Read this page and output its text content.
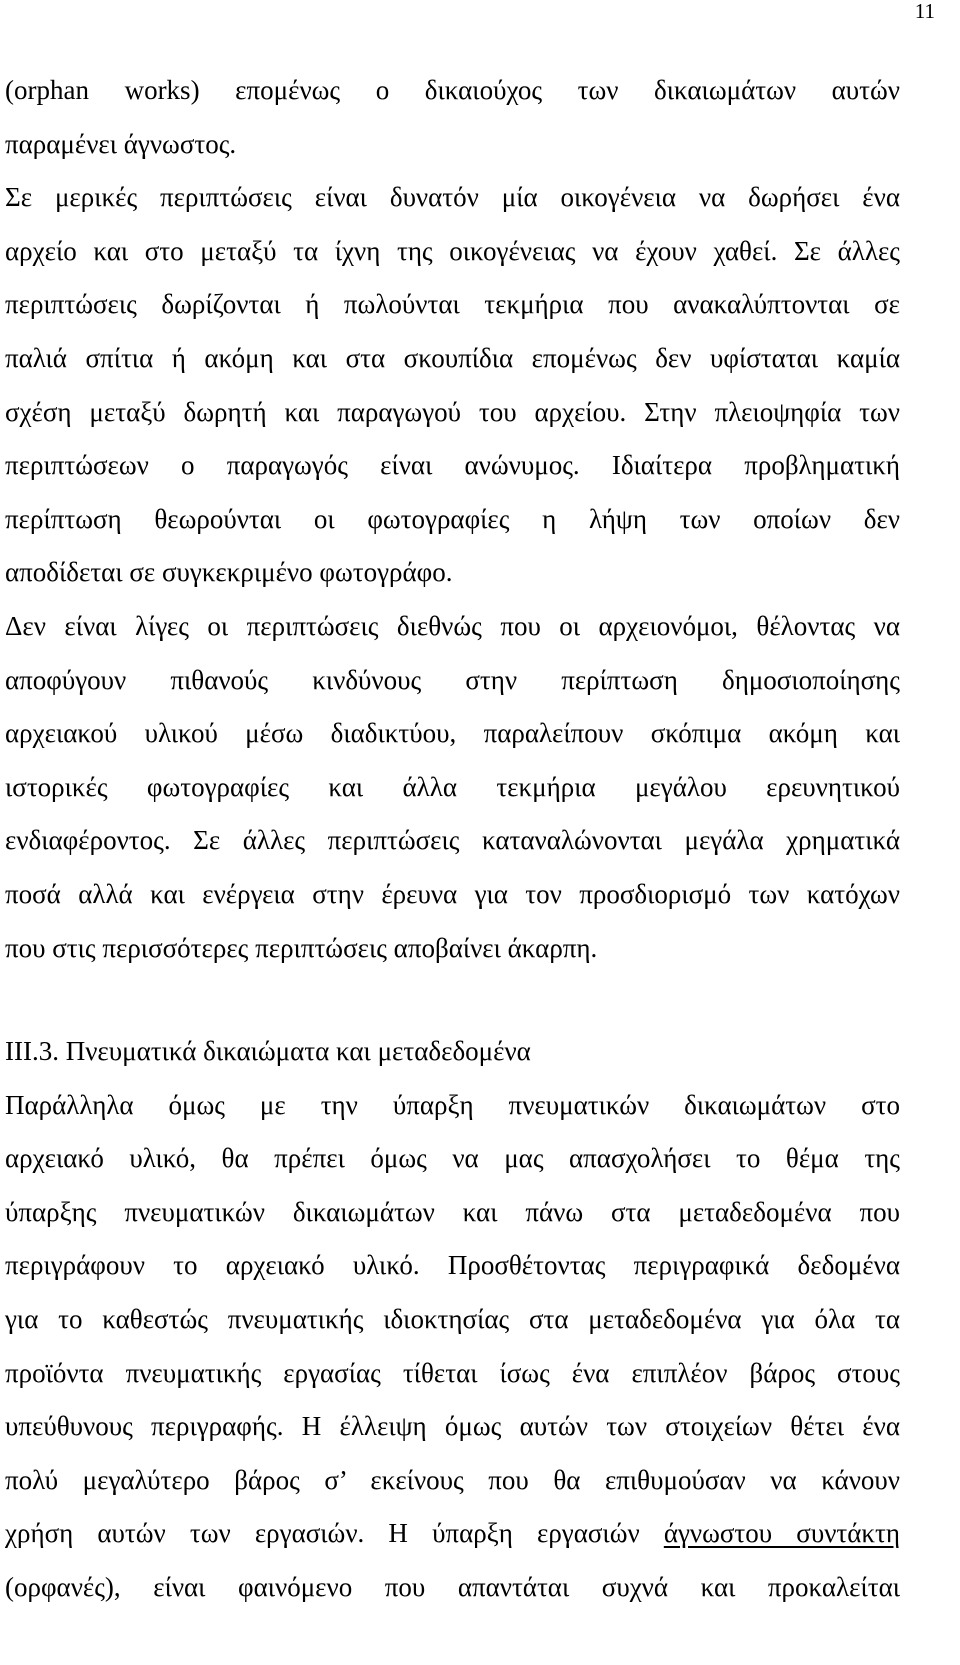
11
(orphan works) επομένως ο δικαιούχος των δικαιωμάτων αυτών
παραμένει άγνωστος.
Σε μερικές περιπτώσεις είναι δυνατόν μία οικογένεια να δωρήσει ένα
αρχείο και στο μεταξύ τα ίχνη της οικογένειας να έχουν χαθεί. Σε άλλες
περιπτώσεις δωρίζονται ή πωλούνται τεκμήρια που ανακαλύπτονται σε
παλιά σπίτια ή ακόμη και στα σκουπίδια επομένως δεν υφίσταται καμία
σχέση μεταξύ δωρητή και παραγωγού του αρχείου. Στην πλειοψηφία των
περιπτώσεων ο παραγωγός είναι ανώνυμος. Ιδιαίτερα προβληματική
περίπτωση θεωρούνται οι φωτογραφίες η λήψη των οποίων δεν
αποδίδεται σε συγκεκριμένο φωτογράφο.
Δεν είναι λίγες οι περιπτώσεις διεθνώς που οι αρχειονόμοι, θέλοντας να
αποφύγουν πιθανούς κινδύνους στην περίπτωση δημοσιοποίησης
αρχειακού υλικού μέσω διαδικτύου, παραλείπουν σκόπιμα ακόμη και
ιστορικές φωτογραφίες και άλλα τεκμήρια μεγάλου ερευνητικού
ενδιαφέροντος. Σε άλλες περιπτώσεις καταναλώνονται μεγάλα χρηματικά
ποσά αλλά και ενέργεια στην έρευνα για τον προσδιορισμό των κατόχων
που στις περισσότερες περιπτώσεις αποβαίνει άκαρπη.
ΙΙΙ.3. Πνευματικά δικαιώματα και μεταδεδομένα
Παράλληλα όμως με την ύπαρξη πνευματικών δικαιωμάτων στο
αρχειακό υλικό, θα πρέπει όμως να μας απασχολήσει το θέμα της
ύπαρξης πνευματικών δικαιωμάτων και πάνω στα μεταδεδομένα που
περιγράφουν το αρχειακό υλικό. Προσθέτοντας περιγραφικά δεδομένα
για το καθεστώς πνευματικής ιδιοκτησίας στα μεταδεδομένα για όλα τα
προϊόντα πνευματικής εργασίας τίθεται ίσως ένα επιπλέον βάρος στους
υπεύθυνους περιγραφής. Η έλλειψη όμως αυτών των στοιχείων θέτει ένα
πολύ μεγαλύτερο βάρος σ’ εκείνους που θα επιθυμούσαν να κάνουν
χρήση αυτών των εργασιών. Η ύπαρξη εργασιών άγνωστου συντάκτη
(ορφανές), είναι φαινόμενο που απαντάται συχνά και προκαλείται
